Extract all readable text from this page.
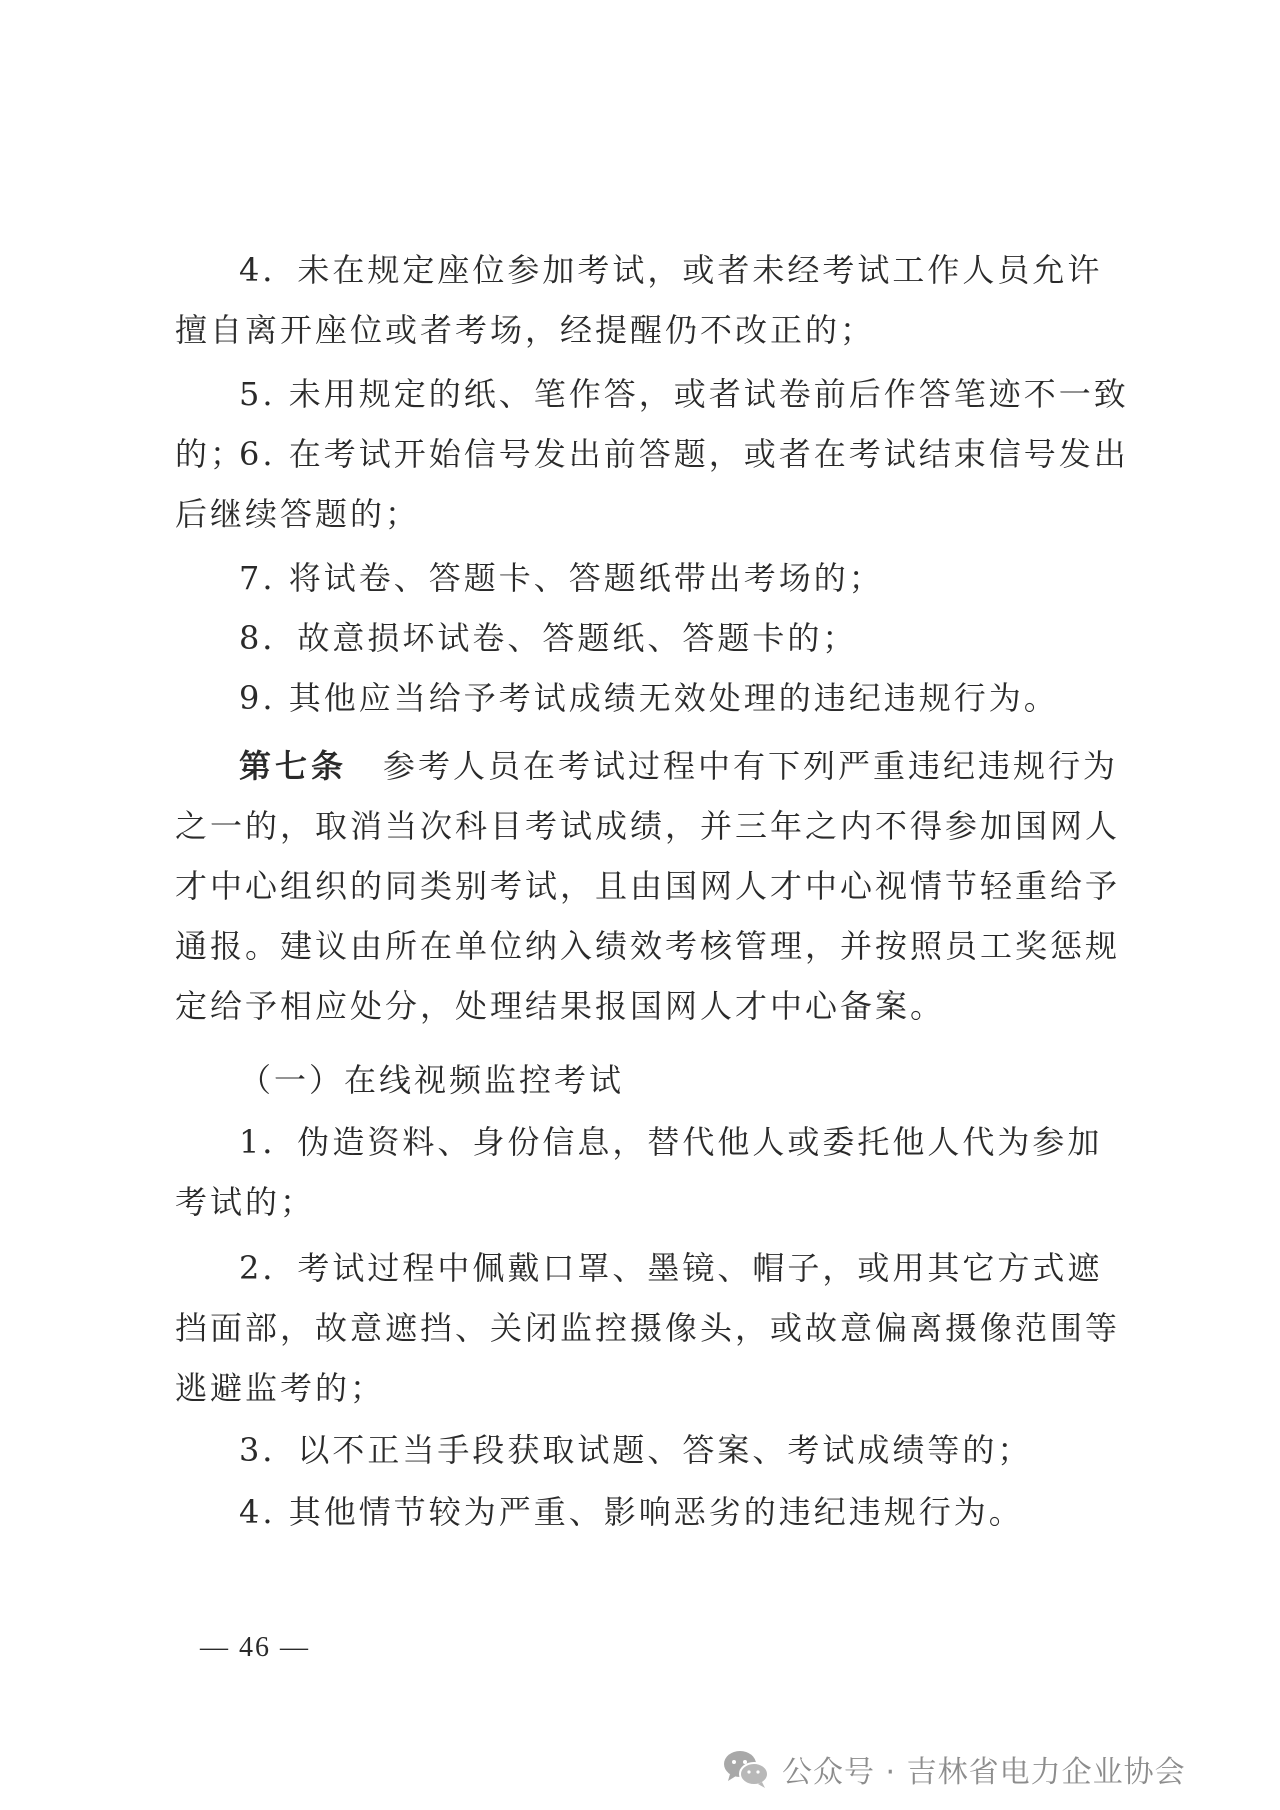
4．未在规定座位参加考试，或者未经考试工作人员允许擅自离开座位或者考场，经提醒仍不改正的；

5. 未用规定的纸、笔作答，或者试卷前后作答笔迹不一致的；

6. 在考试开始信号发出前答题，或者在考试结束信号发出后继续答题的；

7. 将试卷、答题卡、答题纸带出考场的；

8．故意损坏试卷、答题纸、答题卡的；

9. 其他应当给予考试成绩无效处理的违纪违规行为。

第七条 参考人员在考试过程中有下列严重违纪违规行为之一的，取消当次科目考试成绩，并三年之内不得参加国网人才中心组织的同类别考试，且由国网人才中心视情节轻重给予通报。建议由所在单位纳入绩效考核管理，并按照员工奖惩规定给予相应处分，处理结果报国网人才中心备案。

（一）在线视频监控考试

1．伪造资料、身份信息，替代他人或委托他人代为参加考试的；

2．考试过程中佩戴口罩、墨镜、帽子，或用其它方式遮挡面部，故意遮挡、关闭监控摄像头，或故意偏离摄像范围等逃避监考的；

3．以不正当手段获取试题、答案、考试成绩等的；

4. 其他情节较为严重、影响恶劣的违纪违规行为。

— 46 —
公众号 · 吉林省电力企业协会
